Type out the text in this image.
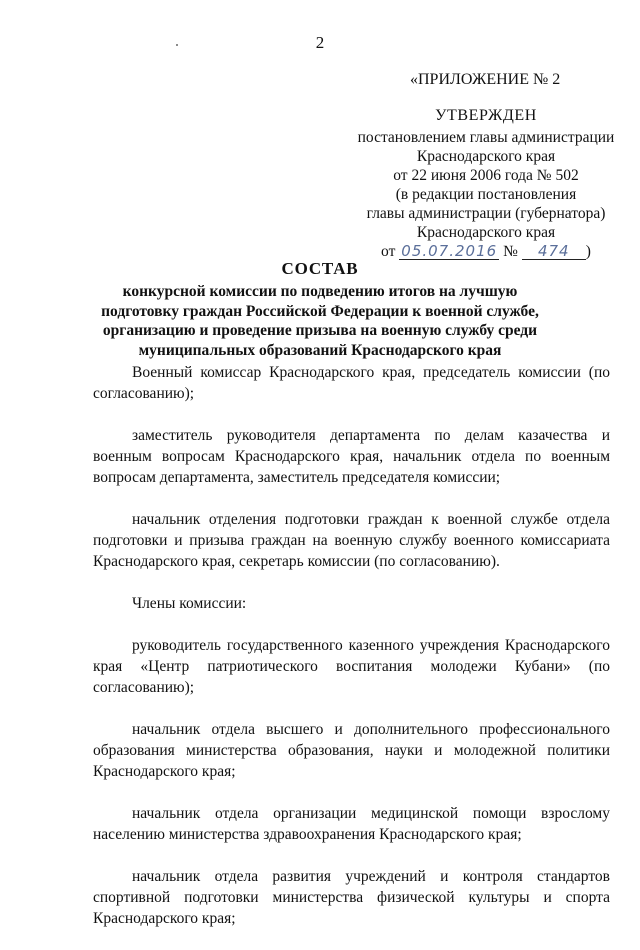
2
«ПРИЛОЖЕНИЕ № 2
УТВЕРЖДЕН
постановлением главы администрации
Краснодарского края
от 22 июня 2006 года № 502
(в редакции постановления
главы администрации (губернатора)
Краснодарского края
от 05.07.2016 № 474 )
СОСТАВ
конкурсной комиссии по подведению итогов на лучшую подготовку граждан Российской Федерации к военной службе, организацию и проведение призыва на военную службу среди муниципальных образований Краснодарского края

Военный комиссар Краснодарского края, председатель комиссии (по согласованию);

заместитель руководителя департамента по делам казачества и военным вопросам Краснодарского края, начальник отдела по военным вопросам департамента, заместитель председателя комиссии;

начальник отделения подготовки граждан к военной службе отдела подготовки и призыва граждан на военную службу военного комиссариата Краснодарского края, секретарь комиссии (по согласованию).

Члены комиссии:

руководитель государственного казенного учреждения Краснодарского края «Центр патриотического воспитания молодежи Кубани» (по согласованию);

начальник отдела высшего и дополнительного профессионального образования министерства образования, науки и молодежной политики Краснодарского края;

начальник отдела организации медицинской помощи взрослому населению министерства здравоохранения Краснодарского края;

начальник отдела развития учреждений и контроля стандартов спортивной подготовки министерства физической культуры и спорта Краснодарского края;
